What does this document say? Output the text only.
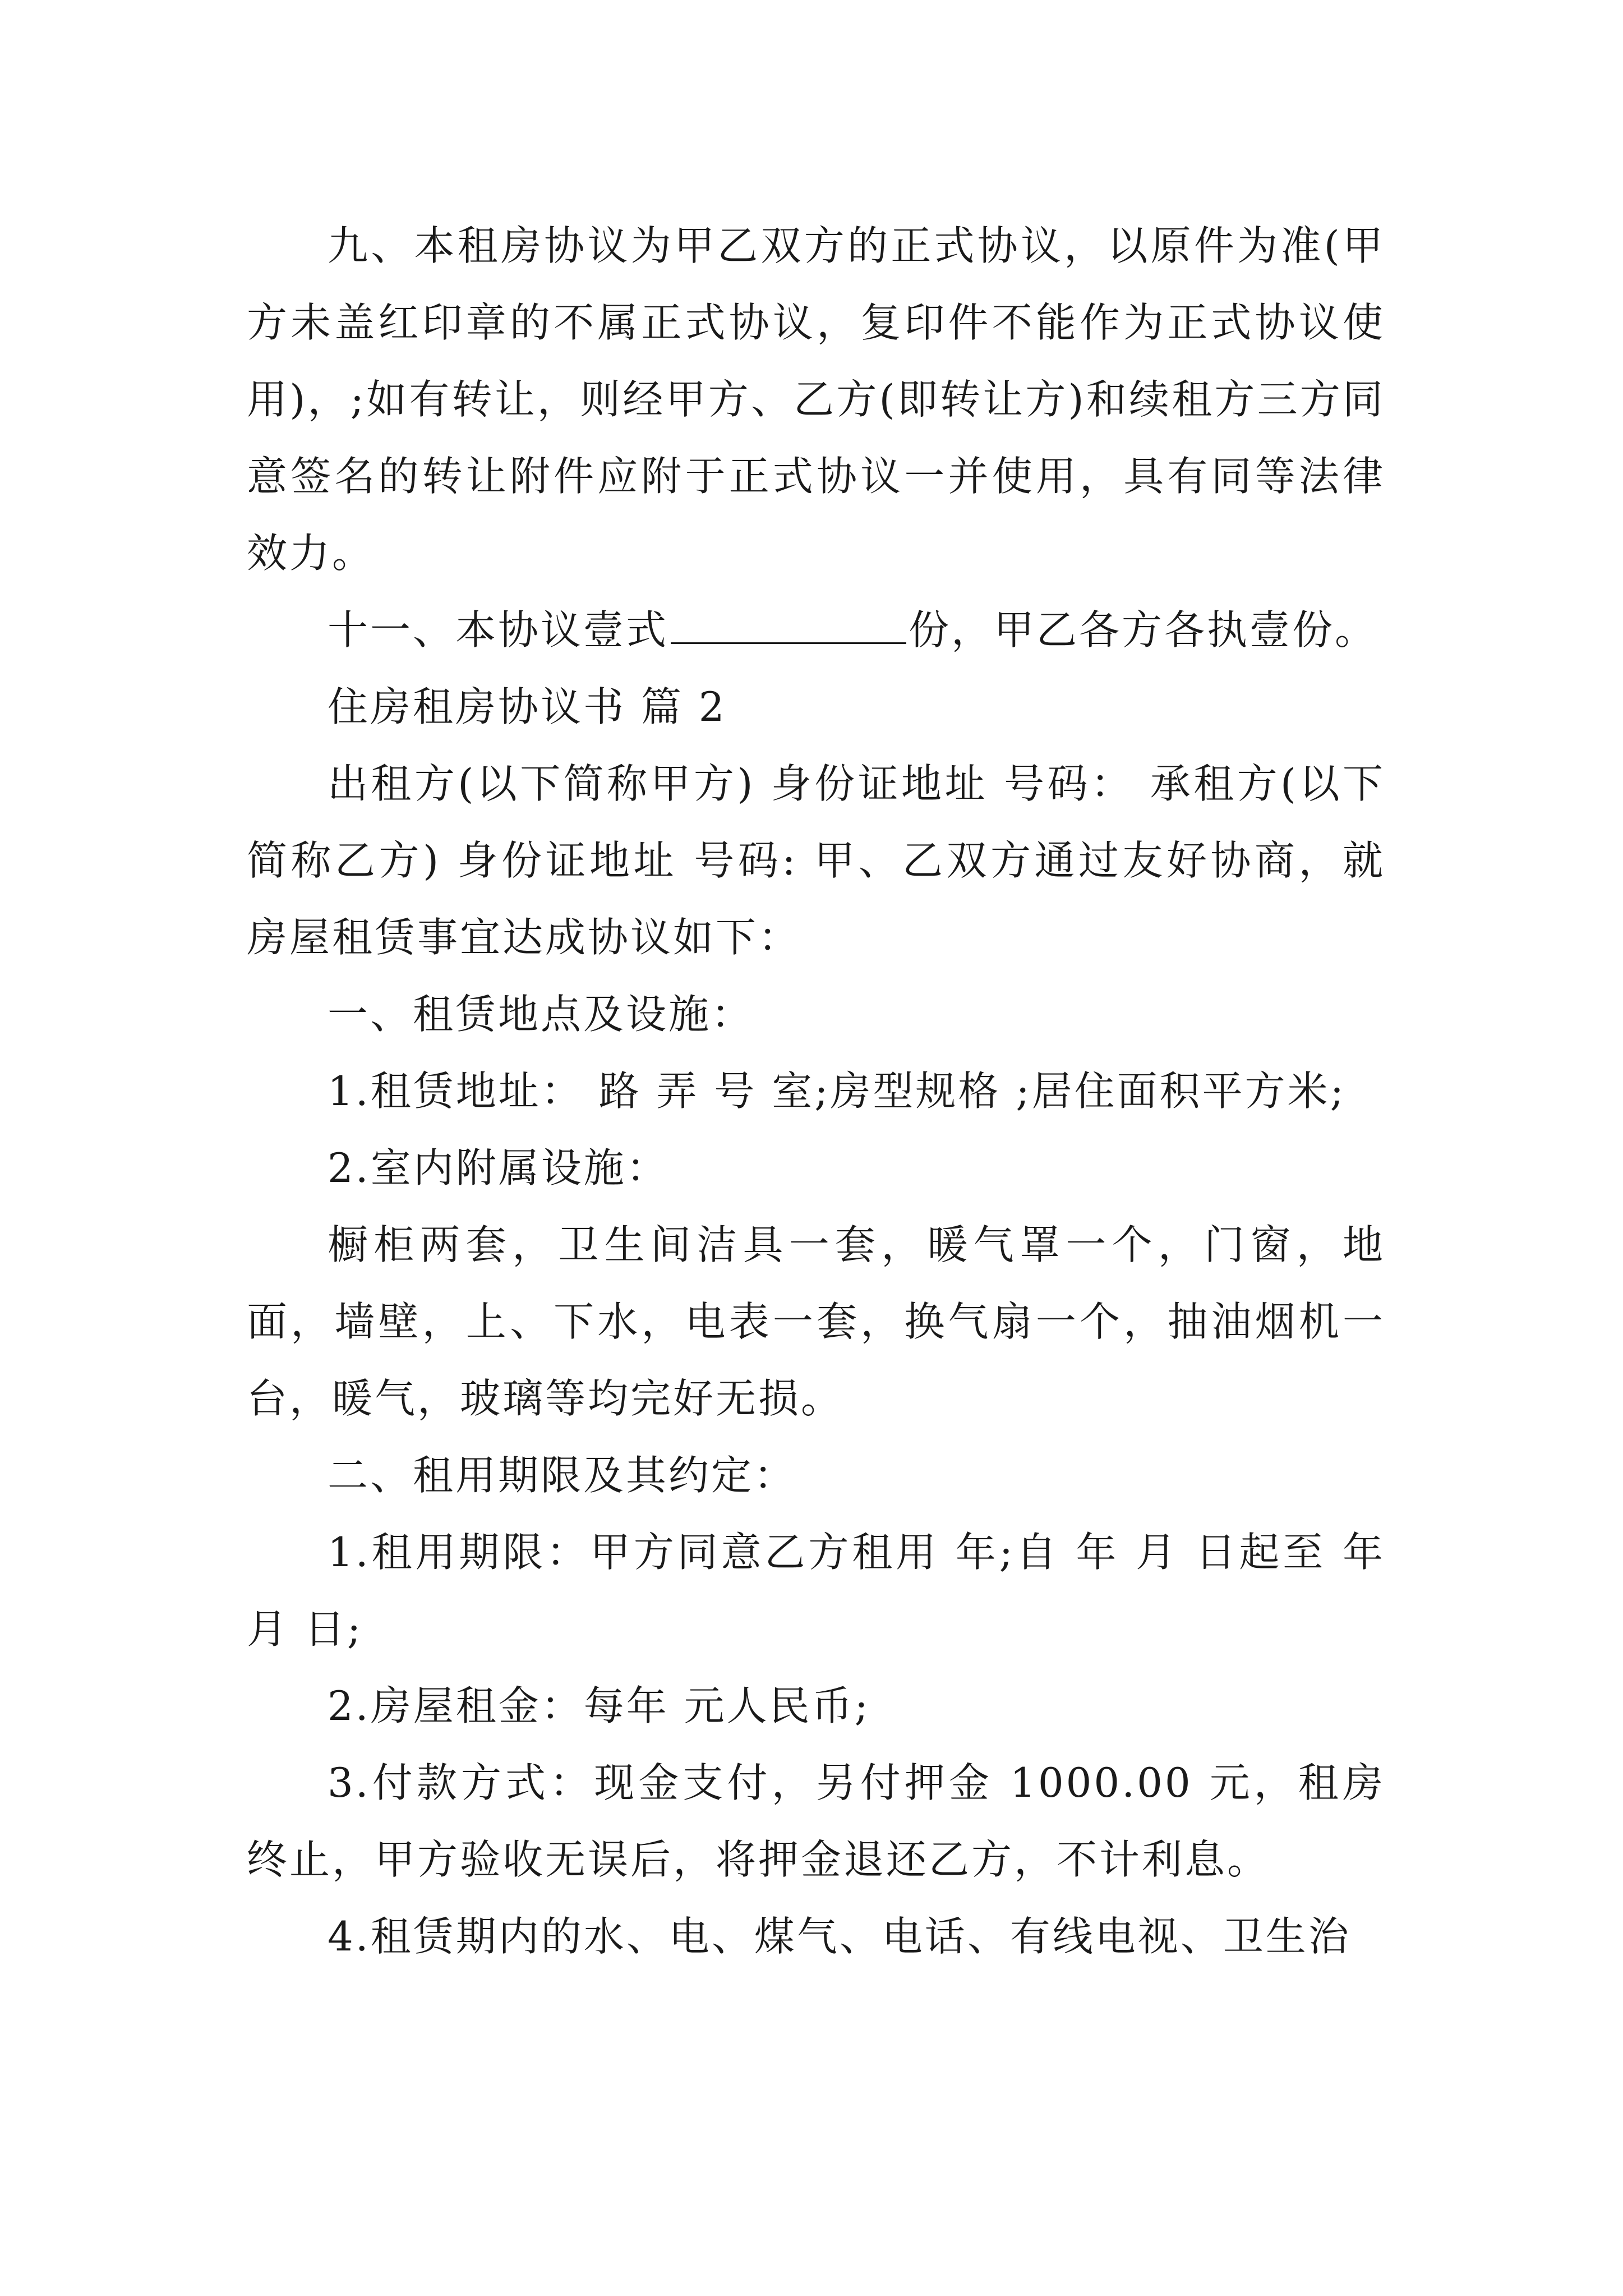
九、本租房协议为甲乙双方的正式协议，以原件为准(甲方未盖红印章的不属正式协议，复印件不能作为正式协议使用)，;如有转让，则经甲方、乙方(即转让方)和续租方三方同意签名的转让附件应附于正式协议一并使用，具有同等法律效力。

十一、本协议壹式	份，甲乙各方各执壹份。

住房租房协议书 篇 2

出租方(以下简称甲方) 身份证地址 号码： 承租方(以下简称乙方) 身份证地址 号码: 甲、乙双方通过友好协商，就房屋租赁事宜达成协议如下：

一、租赁地点及设施：

1.租赁地址： 路 弄 号 室;房型规格 ;居住面积平方米;

2.室内附属设施：

橱柜两套，卫生间洁具一套，暖气罩一个，门窗，地面，墙壁，上、下水，电表一套，换气扇一个，抽油烟机一台，暖气，玻璃等均完好无损。

二、租用期限及其约定：

1.租用期限：甲方同意乙方租用 年;自 年 月 日起至 年 月 日;

2.房屋租金：每年 元人民币;

3.付款方式：现金支付，另付押金 1000.00 元，租房终止，甲方验收无误后，将押金退还乙方，不计利息。

4.租赁期内的水、电、煤气、电话、有线电视、卫生治
